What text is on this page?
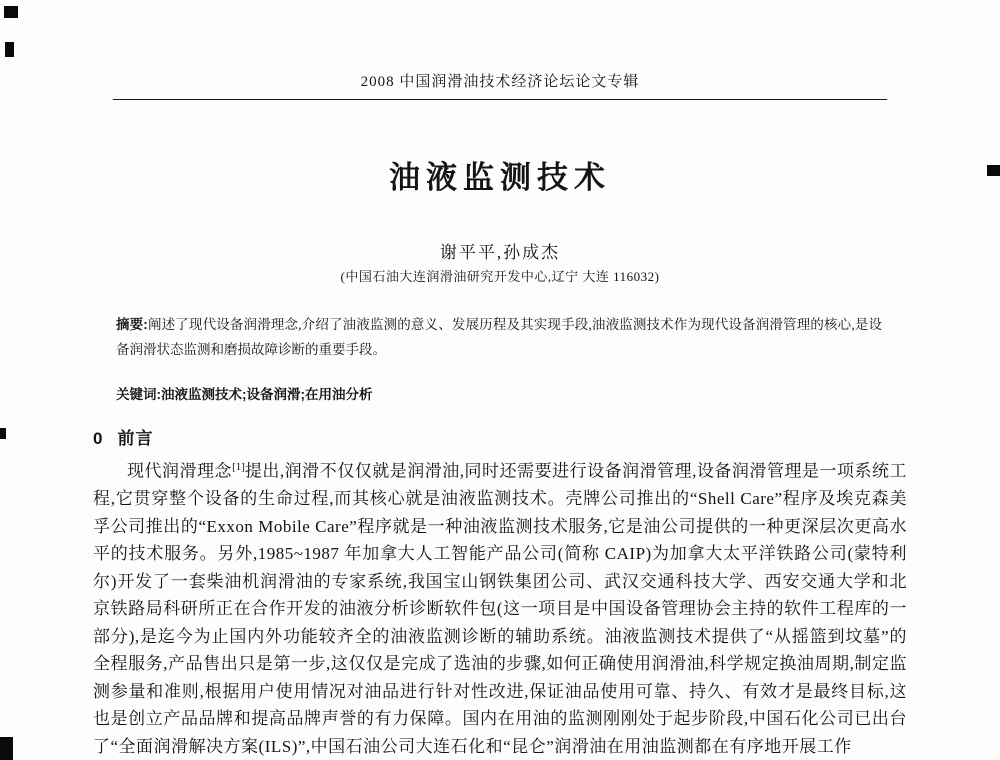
2008 中国润滑油技术经济论坛论文专辑
油液监测技术
谢平平,孙成杰
(中国石油大连润滑油研究开发中心,辽宁 大连 116032)
摘要:阐述了现代设备润滑理念,介绍了油液监测的意义、发展历程及其实现手段,油液监测技术作为现代设备润滑管理的核心,是设备润滑状态监测和磨损故障诊断的重要手段。
关键词:油液监测技术;设备润滑;在用油分析
0 前言
现代润滑理念[1]提出,润滑不仅仅就是润滑油,同时还需要进行设备润滑管理,设备润滑管理是一项系统工程,它贯穿整个设备的生命过程,而其核心就是油液监测技术。壳牌公司推出的“Shell Care”程序及埃克森美孚公司推出的“Exxon Mobile Care”程序就是一种油液监测技术服务,它是油公司提供的一种更深层次更高水平的技术服务。另外,1985~1987 年加拿大人工智能产品公司(简称 CAIP)为加拿大太平洋铁路公司(蒙特利尔)开发了一套柴油机润滑油的专家系统,我国宝山钢铁集团公司、武汉交通科技大学、西安交通大学和北京铁路局科研所正在合作开发的油液分析诊断软件包(这一项目是中国设备管理协会主持的软件工程库的一部分),是迄今为止国内外功能较齐全的油液监测诊断的辅助系统。油液监测技术提供了“从摇篮到坟墓”的全程服务,产品售出只是第一步,这仅仅是完成了选油的步骤,如何正确使用润滑油,科学规定换油周期,制定监测参量和准则,根据用户使用情况对油品进行针对性改进,保证油品使用可靠、持久、有效才是最终目标,这也是创立产品品牌和提高品牌声誉的有力保障。国内在用油的监测刚刚处于起步阶段,中国石化公司已出台了“全面润滑解决方案(ILS)”,中国石油公司大连石化和“昆仑”润滑油在用油监测都在有序地开展工作
